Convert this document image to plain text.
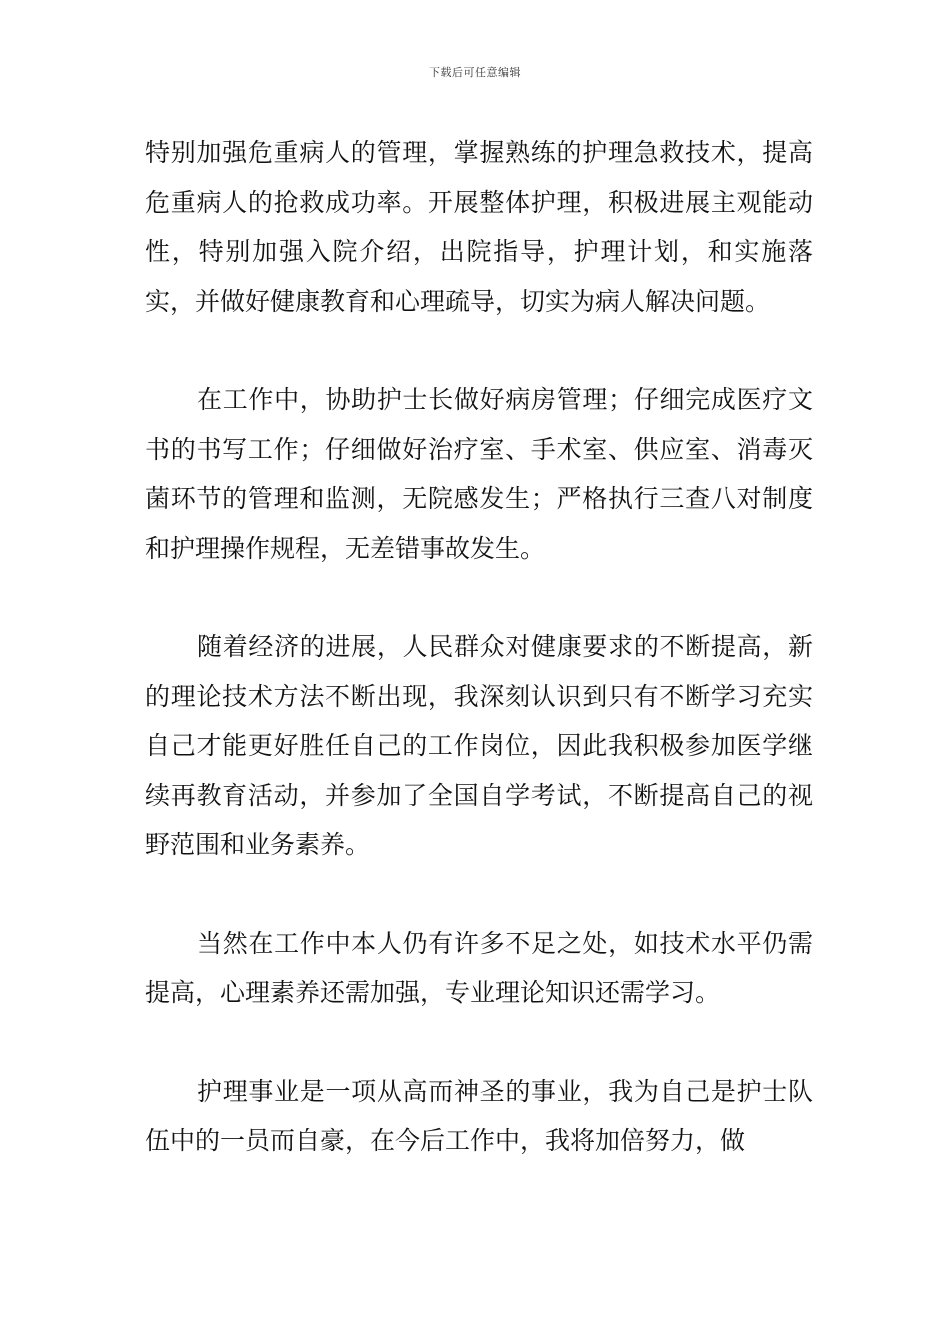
下载后可任意编辑

特别加强危重病人的管理，掌握熟练的护理急救技术，提高危重病人的抢救成功率。开展整体护理，积极进展主观能动性，特别加强入院介绍，出院指导，护理计划，和实施落实，并做好健康教育和心理疏导，切实为病人解决问题。

在工作中，协助护士长做好病房管理；仔细完成医疗文书的书写工作；仔细做好治疗室、手术室、供应室、消毒灭菌环节的管理和监测，无院感发生；严格执行三查八对制度和护理操作规程，无差错事故发生。

随着经济的进展，人民群众对健康要求的不断提高，新的理论技术方法不断出现，我深刻认识到只有不断学习充实自己才能更好胜任自己的工作岗位，因此我积极参加医学继续再教育活动，并参加了全国自学考试，不断提高自己的视野范围和业务素养。

当然在工作中本人仍有许多不足之处，如技术水平仍需提高，心理素养还需加强，专业理论知识还需学习。

护理事业是一项从高而神圣的事业，我为自己是护士队伍中的一员而自豪，在今后工作中，我将加倍努力，做
